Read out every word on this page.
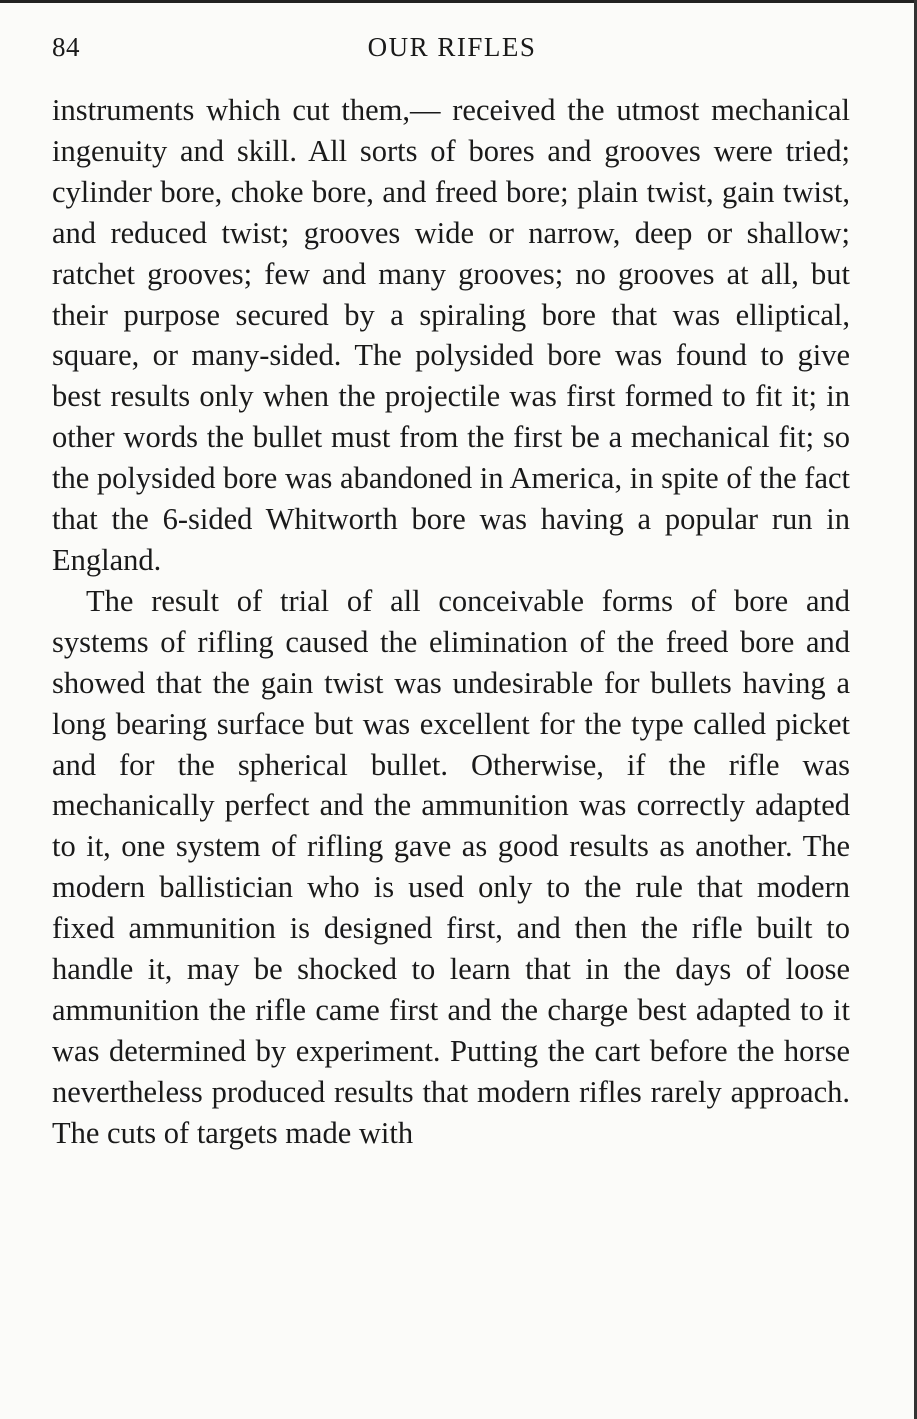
84	OUR RIFLES

instruments which cut them,— received the utmost mechanical ingenuity and skill. All sorts of bores and grooves were tried; cylinder bore, choke bore, and freed bore; plain twist, gain twist, and reduced twist; grooves wide or narrow, deep or shallow; ratchet grooves; few and many grooves; no grooves at all, but their purpose secured by a spiraling bore that was elliptical, square, or many-sided. The polysided bore was found to give best results only when the projectile was first formed to fit it; in other words the bullet must from the first be a mechanical fit; so the polysided bore was abandoned in America, in spite of the fact that the 6-sided Whitworth bore was having a popular run in England.

The result of trial of all conceivable forms of bore and systems of rifling caused the elimination of the freed bore and showed that the gain twist was undesirable for bullets having a long bearing surface but was excellent for the type called picket and for the spherical bullet. Otherwise, if the rifle was mechanically perfect and the ammunition was correctly adapted to it, one system of rifling gave as good results as another. The modern ballistician who is used only to the rule that modern fixed ammunition is designed first, and then the rifle built to handle it, may be shocked to learn that in the days of loose ammunition the rifle came first and the charge best adapted to it was determined by experiment. Putting the cart before the horse nevertheless produced results that modern rifles rarely approach. The cuts of targets made with
